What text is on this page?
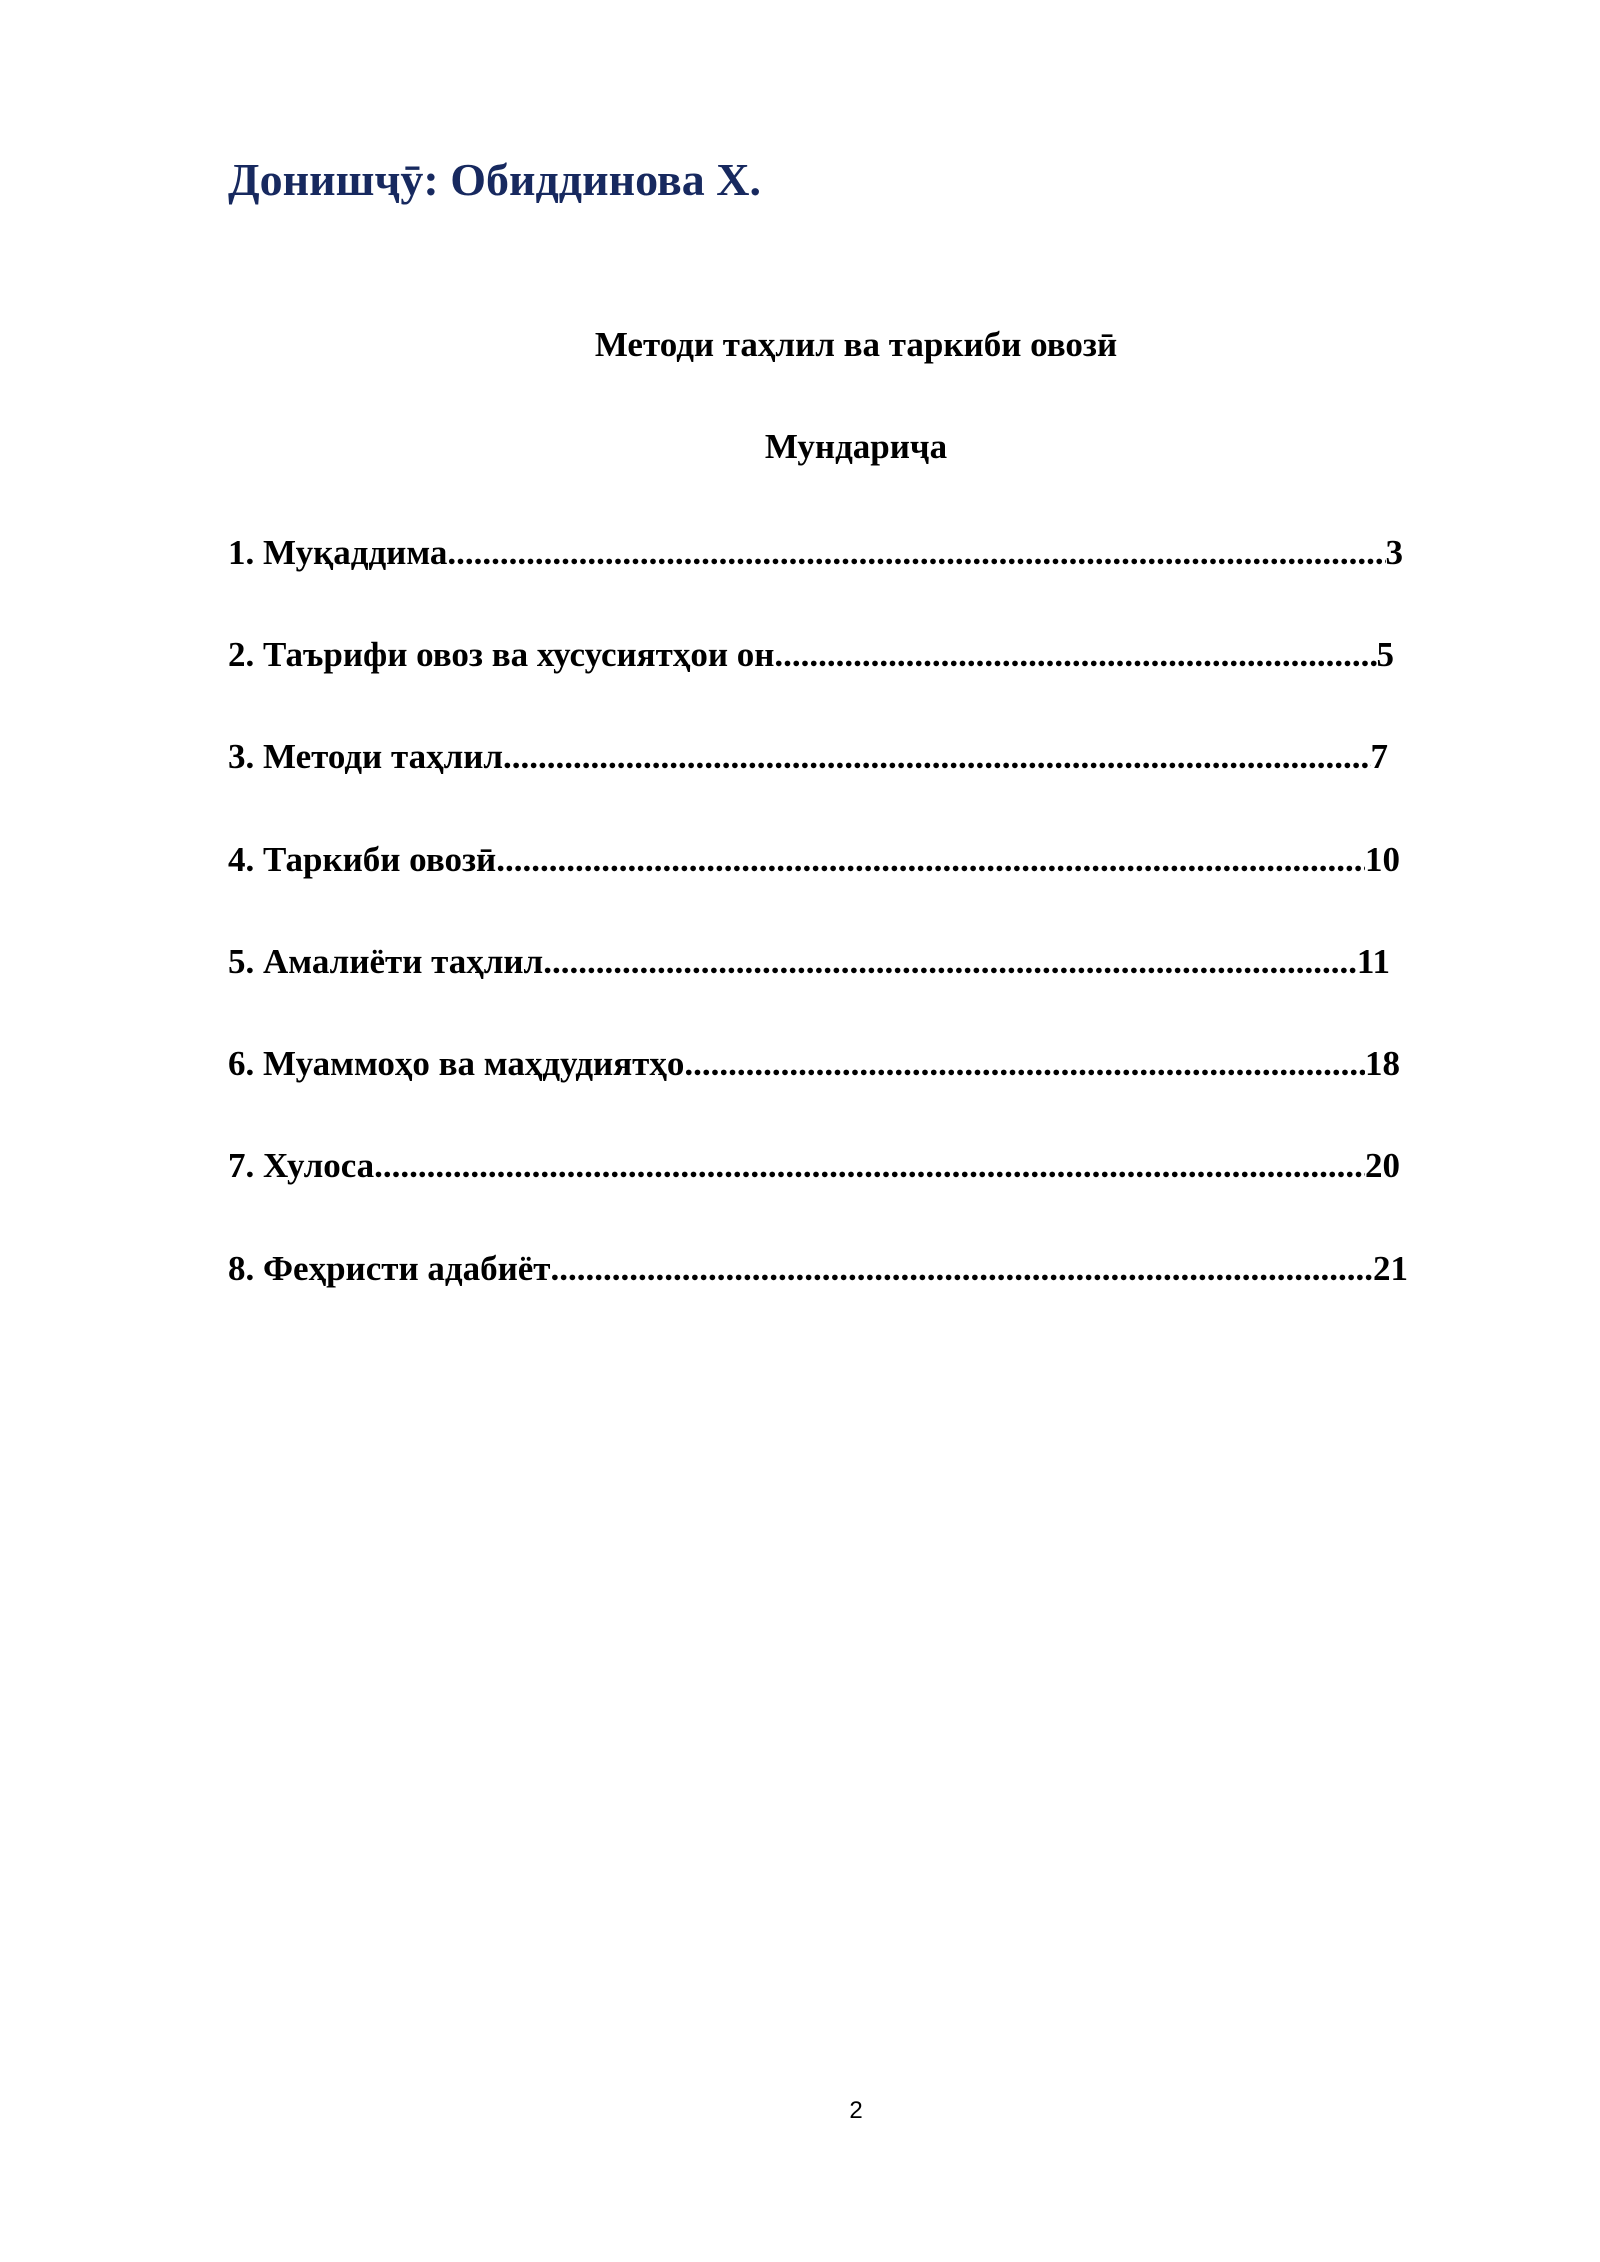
Донишҷӯ: Обиддинова Х.
Методи таҳлил ва таркиби овозӣ
Мундариҷа
1. Муқаддима .....	3
2. Таърифи овоз ва хусусиятҳои он .....	5
3. Методи таҳлил .....	7
4. Таркиби овозӣ .....	10
5. Амалиёти таҳлил .....	11
6. Муаммоҳо ва маҳдудиятҳо .....	18
7. Хулоса .....	20
8. Феҳристи адабиёт .....	21
2
